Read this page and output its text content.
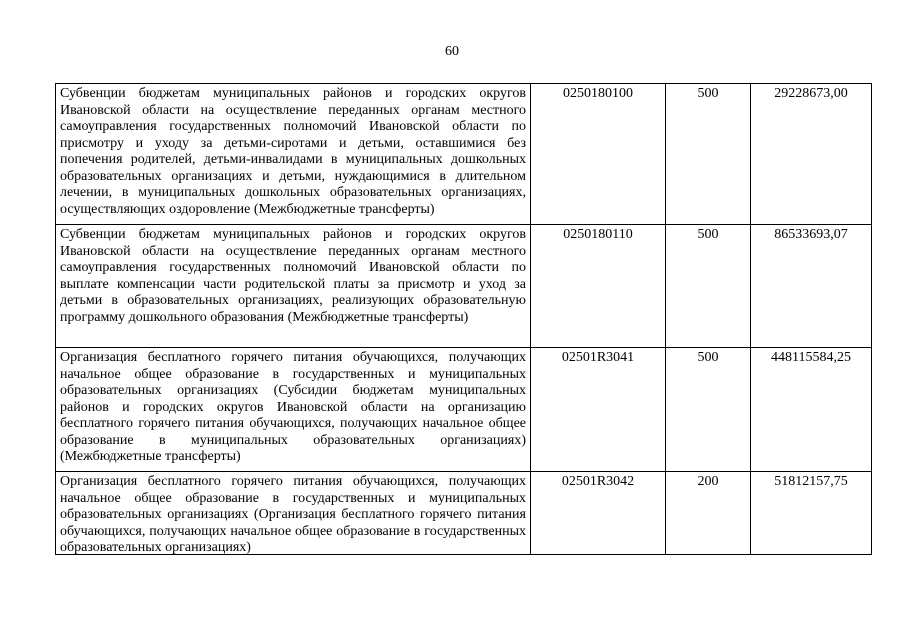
60
Субвенции бюджетам муниципальных районов и городских округов Ивановской области на осуществление переданных органам местного самоуправления государственных полномочий Ивановской области по присмотру и уходу за детьми-сиротами и детьми, оставшимися без попечения родителей, детьми-инвалидами в муниципальных дошкольных образовательных организациях и детьми, нуждающимися в длительном лечении, в муниципальных дошкольных образовательных организациях, осуществляющих оздоровление (Межбюджетные трансферты)	0250180100	500	29228673,00

Субвенции бюджетам муниципальных районов и городских округов Ивановской области на осуществление переданных органам местного самоуправления государственных полномочий Ивановской области по выплате компенсации части родительской платы за присмотр и уход за детьми в образовательных организациях, реализующих образовательную программу дошкольного образования (Межбюджетные трансферты)	0250180110	500	86533693,07

Организация бесплатного горячего питания обучающихся, получающих начальное общее образование в государственных и муниципальных образовательных организациях (Субсидии бюджетам муниципальных районов и городских округов Ивановской области на организацию бесплатного горячего питания обучающихся, получающих начальное общее образование в муниципальных образовательных организациях) (Межбюджетные трансферты)	02501R3041	500	448115584,25

Организация бесплатного горячего питания обучающихся, получающих начальное общее образование в государственных и муниципальных образовательных организациях (Организация бесплатного горячего питания обучающихся, получающих начальное общее образование в государственных образовательных организациях)	02501R3042	200	51812157,75
